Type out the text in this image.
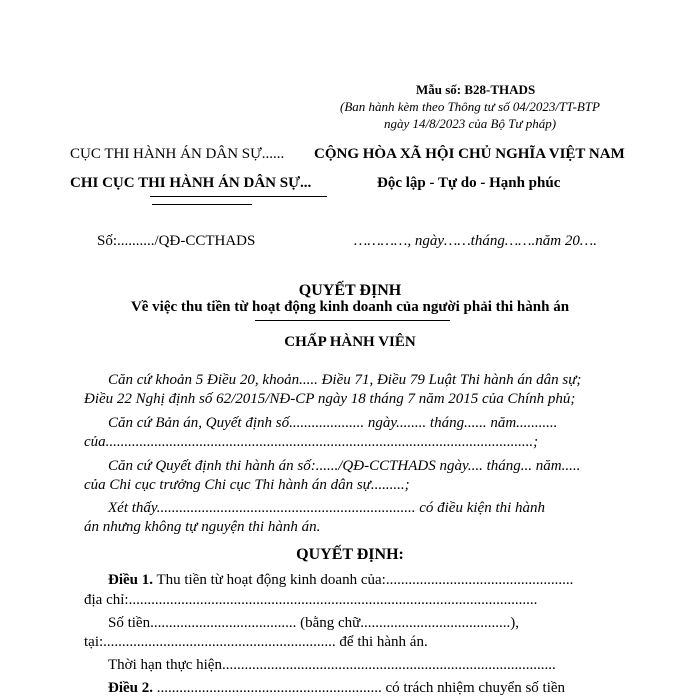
Mẫu số: B28-THADS
(Ban hành kèm theo Thông tư số 04/2023/TT-BTP
ngày 14/8/2023 của Bộ Tư pháp)
CỤC THI HÀNH ÁN DÂN SỰ......
CHI CỤC THI HÀNH ÁN DÂN SỰ...
CỘNG HÒA XÃ HỘI CHỦ NGHĨA VIỆT NAM
Độc lập - Tự do - Hạnh phúc
Số:........../QĐ-CCTHADS	…………, ngày……tháng…….năm 20….
QUYẾT ĐỊNH
Về việc thu tiền từ hoạt động kinh doanh của người phải thi hành án
CHẤP HÀNH VIÊN
Căn cứ khoản 5 Điều 20, khoản..... Điều 71, Điều 79 Luật Thi hành án dân sự;
Điều 22 Nghị định số 62/2015/NĐ-CP ngày 18 tháng 7 năm 2015 của Chính phủ;
Căn cứ Bản án, Quyết định số.................... ngày........ tháng...... năm...........
của..................................................................................................................;
Căn cứ Quyết định thi hành án số:....../QĐ-CCTHADS ngày.... tháng... năm.....
của Chi cục trưởng Chi cục Thi hành án dân sự.........;
Xét thấy..................................................................... có điều kiện thi hành
án nhưng không tự nguyện thi hành án.
QUYẾT ĐỊNH:
Điều 1. Thu tiền từ hoạt động kinh doanh của:..................................................
địa chỉ:.............................................................................................................
Số tiền....................................... (bằng chữ........................................),
tại:.............................................................. để thi hành án.
Thời hạn thực hiện.........................................................................................
Điều 2. ............................................................ có trách nhiệm chuyển số tiền
